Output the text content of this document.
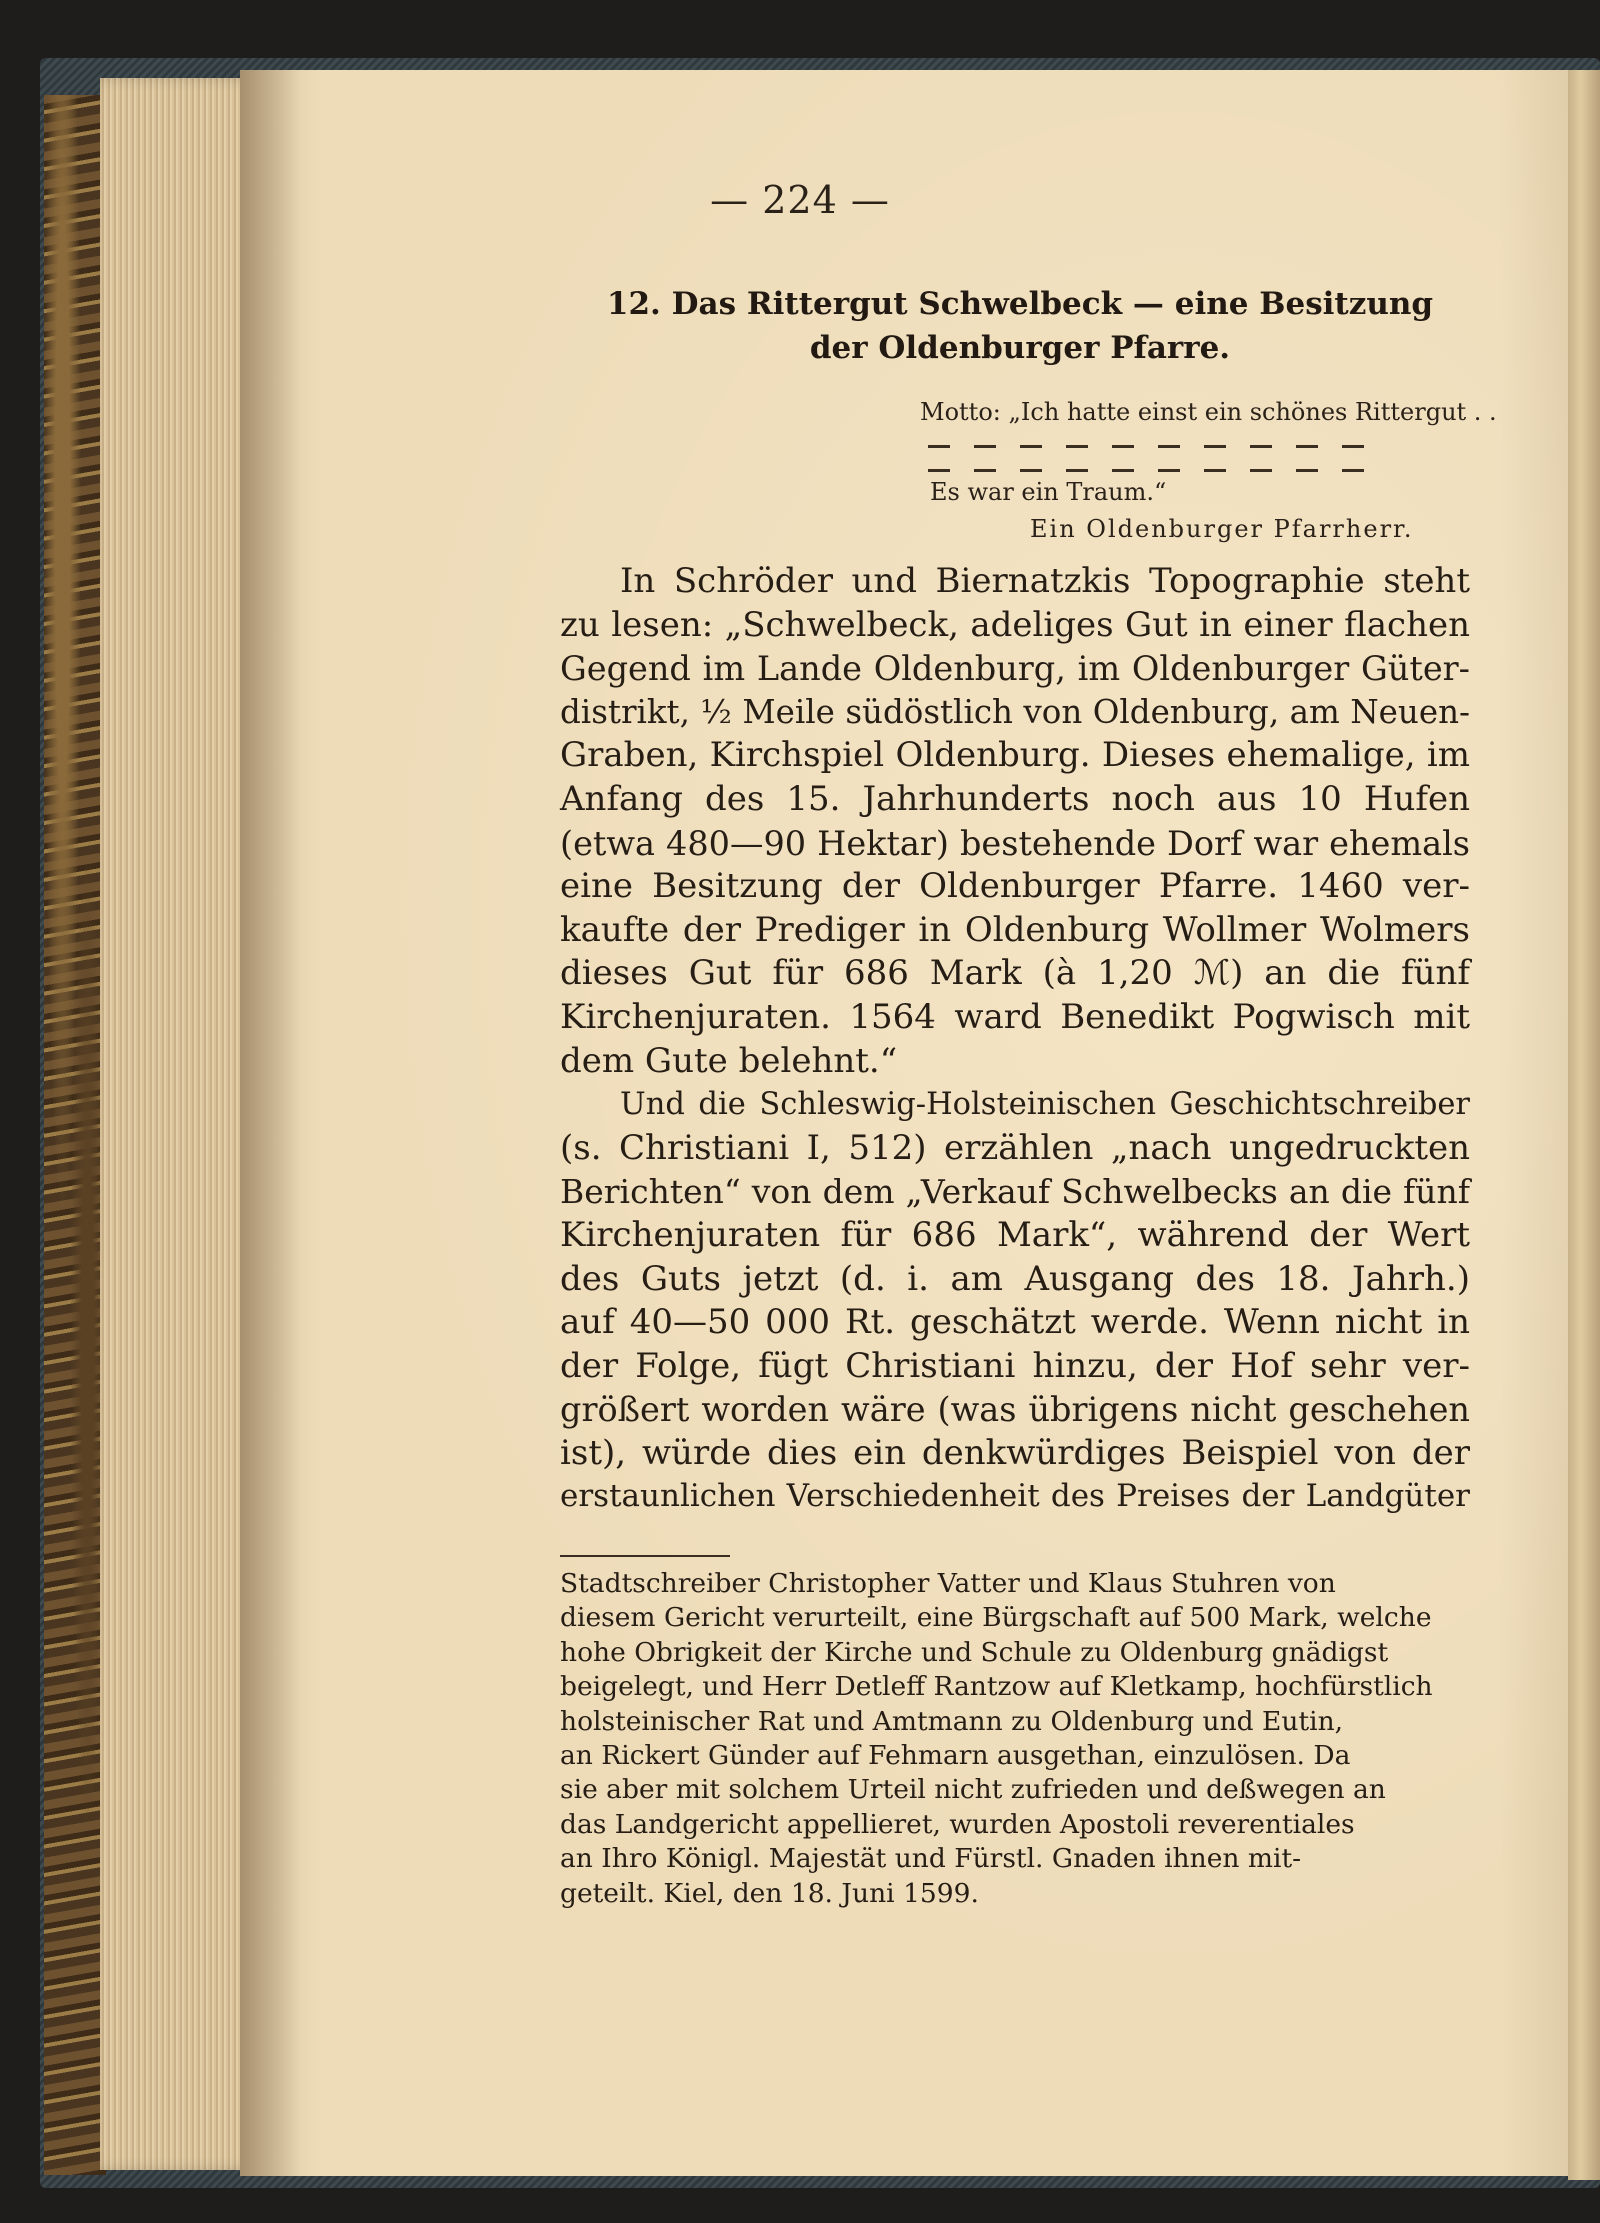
— 224 —
12. Das Rittergut Schwelbeck — eine Besitzung
der Oldenburger Pfarre.
Motto: „Ich hatte einst ein schönes Rittergut . .
Es war ein Traum.“
Ein Oldenburger Pfarrherr.
In Schröder und Biernatzkis Topographie steht
zu lesen: „Schwelbeck, adeliges Gut in einer flachen
Gegend im Lande Oldenburg, im Oldenburger Güter-
distrikt, ½ Meile südöstlich von Oldenburg, am Neuen-
Graben, Kirchspiel Oldenburg. Dieses ehemalige, im
Anfang des 15. Jahrhunderts noch aus 10 Hufen
(etwa 480—90 Hektar) bestehende Dorf war ehemals
eine Besitzung der Oldenburger Pfarre. 1460 ver-
kaufte der Prediger in Oldenburg Wollmer Wolmers
dieses Gut für 686 Mark (à 1,20 ℳ) an die fünf
Kirchenjuraten. 1564 ward Benedikt Pogwisch mit
dem Gute belehnt.“
Und die Schleswig-Holsteinischen Geschichtschreiber
(s. Christiani I, 512) erzählen „nach ungedruckten
Berichten“ von dem „Verkauf Schwelbecks an die fünf
Kirchenjuraten für 686 Mark“, während der Wert
des Guts jetzt (d. i. am Ausgang des 18. Jahrh.)
auf 40—50 000 Rt. geschätzt werde. Wenn nicht in
der Folge, fügt Christiani hinzu, der Hof sehr ver-
größert worden wäre (was übrigens nicht geschehen
ist), würde dies ein denkwürdiges Beispiel von der
erstaunlichen Verschiedenheit des Preises der Landgüter
Stadtschreiber Christopher Vatter und Klaus Stuhren von
diesem Gericht verurteilt, eine Bürgschaft auf 500 Mark, welche
hohe Obrigkeit der Kirche und Schule zu Oldenburg gnädigst
beigelegt, und Herr Detleff Rantzow auf Kletkamp, hochfürstlich
holsteinischer Rat und Amtmann zu Oldenburg und Eutin,
an Rickert Günder auf Fehmarn ausgethan, einzulösen. Da
sie aber mit solchem Urteil nicht zufrieden und deßwegen an
das Landgericht appellieret, wurden Apostoli reverentiales
an Ihro Königl. Majestät und Fürstl. Gnaden ihnen mit-
geteilt. Kiel, den 18. Juni 1599.
